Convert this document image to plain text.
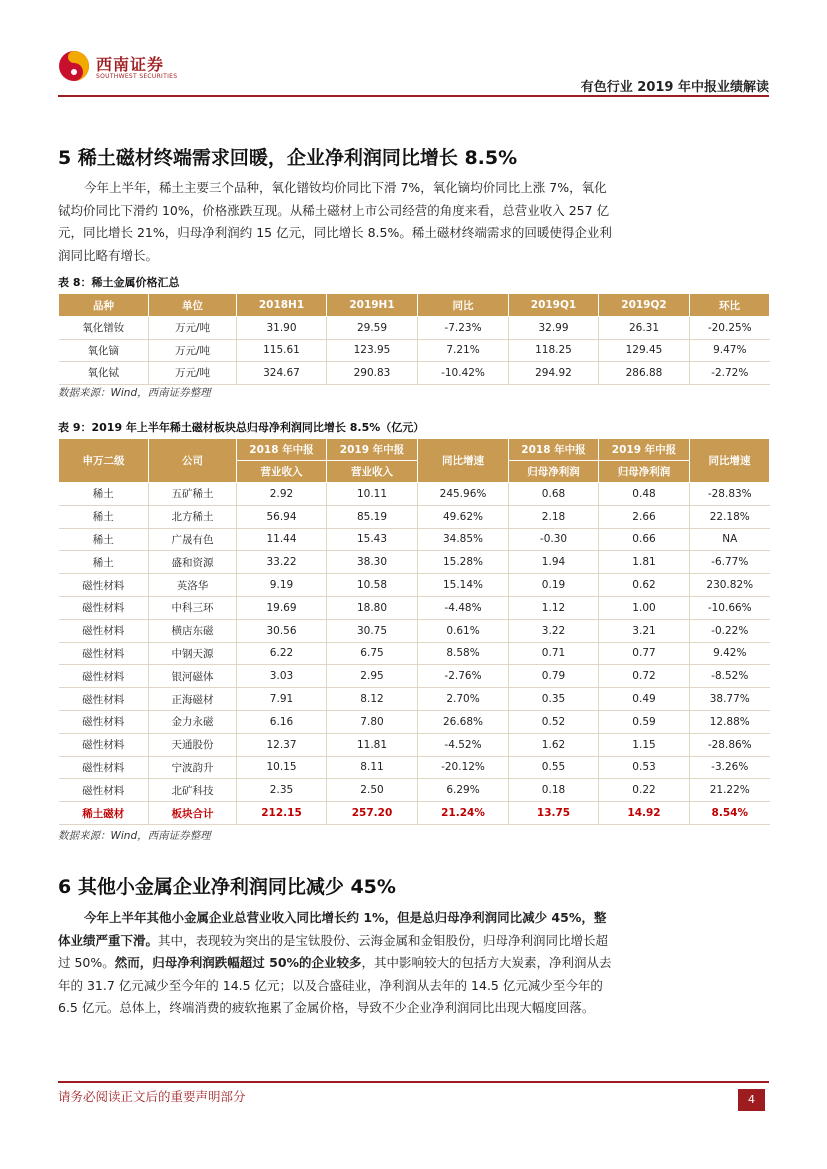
西南证券
SOUTHWEST SECURITIES
有色行业 2019 年中报业绩解读
5 稀土磁材终端需求回暖，企业净利润同比增长 8.5%
今年上半年，稀土主要三个品种，氧化镨钕均价同比下滑 7%，氧化镝均价同比上涨 7%，氧化铽均价同比下滑约 10%，价格涨跌互现。从稀土磁材上市公司经营的角度来看，总营业收入 257 亿元，同比增长 21%，归母净利润约 15 亿元，同比增长 8.5%。稀土磁材终端需求的回暖使得企业利润同比略有增长。
表 8：稀土金属价格汇总
品种	单位	2018H1	2019H1	同比	2019Q1	2019Q2	环比
氧化镨钕	万元/吨	31.90	29.59	-7.23%	32.99	26.31	-20.25%
氧化镝	万元/吨	115.61	123.95	7.21%	118.25	129.45	9.47%
氧化铽	万元/吨	324.67	290.83	-10.42%	294.92	286.88	-2.72%
数据来源：Wind，西南证券整理
表 9：2019 年上半年稀土磁材板块总归母净利润同比增长 8.5%（亿元）
申万二级	公司	2018 年中报	2019 年中报	同比增速	2018 年中报	2019 年中报	同比增速
		营业收入	营业收入		归母净利润	归母净利润	
稀土	五矿稀土	2.92	10.11	245.96%	0.68	0.48	-28.83%
稀土	北方稀土	56.94	85.19	49.62%	2.18	2.66	22.18%
稀土	广晟有色	11.44	15.43	34.85%	-0.30	0.66	NA
稀土	盛和资源	33.22	38.30	15.28%	1.94	1.81	-6.77%
磁性材料	英洛华	9.19	10.58	15.14%	0.19	0.62	230.82%
磁性材料	中科三环	19.69	18.80	-4.48%	1.12	1.00	-10.66%
磁性材料	横店东磁	30.56	30.75	0.61%	3.22	3.21	-0.22%
磁性材料	中钢天源	6.22	6.75	8.58%	0.71	0.77	9.42%
磁性材料	银河磁体	3.03	2.95	-2.76%	0.79	0.72	-8.52%
磁性材料	正海磁材	7.91	8.12	2.70%	0.35	0.49	38.77%
磁性材料	金力永磁	6.16	7.80	26.68%	0.52	0.59	12.88%
磁性材料	天通股份	12.37	11.81	-4.52%	1.62	1.15	-28.86%
磁性材料	宁波韵升	10.15	8.11	-20.12%	0.55	0.53	-3.26%
磁性材料	北矿科技	2.35	2.50	6.29%	0.18	0.22	21.22%
稀土磁材	板块合计	212.15	257.20	21.24%	13.75	14.92	8.54%
数据来源：Wind，西南证券整理
6 其他小金属企业净利润同比减少 45%
今年上半年其他小金属企业总营业收入同比增长约 1%，但是总归母净利润同比减少 45%，整体业绩严重下滑。其中，表现较为突出的是宝钛股份、云海金属和金钼股份，归母净利润同比增长超过 50%。然而，归母净利润跌幅超过 50%的企业较多，其中影响较大的包括方大炭素，净利润从去年的 31.7 亿元减少至今年的 14.5 亿元；以及合盛硅业，净利润从去年的 14.5 亿元减少至今年的 6.5 亿元。总体上，终端消费的疲软拖累了金属价格，导致不少企业净利润同比出现大幅度回落。
请务必阅读正文后的重要声明部分	4
